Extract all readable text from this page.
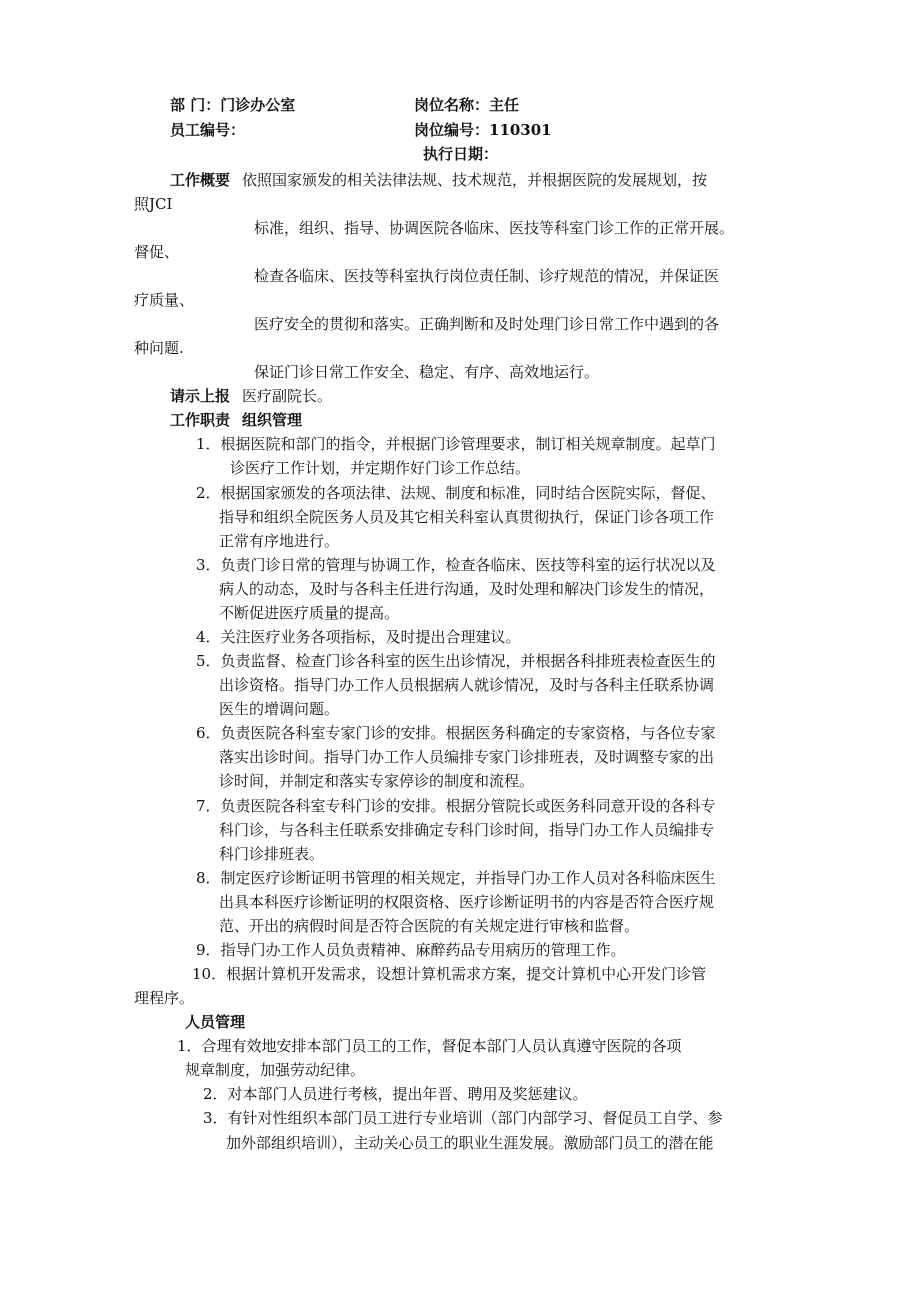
部 门：门诊办公室	岗位名称：主任
员工编号：	岗位编号：110301
执行日期：
工作概要 依照国家颁发的相关法律法规、技术规范，并根据医院的发展规划，按
照JCI
标准，组织、指导、协调医院各临床、医技等科室门诊工作的正常开展。
督促、
检查各临床、医技等科室执行岗位责任制、诊疗规范的情况，并保证医
疗质量、
医疗安全的贯彻和落实。正确判断和及时处理门诊日常工作中遇到的各
种问题.
保证门诊日常工作安全、稳定、有序、高效地运行。
请示上报 医疗副院长。
工作职责 组织管理
1．根据医院和部门的指令，并根据门诊管理要求，制订相关规章制度。起草门
诊医疗工作计划，并定期作好门诊工作总结。
2．根据国家颁发的各项法律、法规、制度和标准，同时结合医院实际，督促、
指导和组织全院医务人员及其它相关科室认真贯彻执行，保证门诊各项工作
正常有序地进行。
3．负责门诊日常的管理与协调工作，检查各临床、医技等科室的运行状况以及
病人的动态，及时与各科主任进行沟通，及时处理和解决门诊发生的情况，
不断促进医疗质量的提高。
4．关注医疗业务各项指标，及时提出合理建议。
5．负责监督、检查门诊各科室的医生出诊情况，并根据各科排班表检查医生的
出诊资格。指导门办工作人员根据病人就诊情况，及时与各科主任联系协调
医生的增调问题。
6．负责医院各科室专家门诊的安排。根据医务科确定的专家资格，与各位专家
落实出诊时间。指导门办工作人员编排专家门诊排班表，及时调整专家的出
诊时间，并制定和落实专家停诊的制度和流程。
7．负责医院各科室专科门诊的安排。根据分管院长或医务科同意开设的各科专
科门诊，与各科主任联系安排确定专科门诊时间，指导门办工作人员编排专
科门诊排班表。
8．制定医疗诊断证明书管理的相关规定，并指导门办工作人员对各科临床医生
出具本科医疗诊断证明的权限资格、医疗诊断证明书的内容是否符合医疗规
范、开出的病假时间是否符合医院的有关规定进行审核和监督。
9．指导门办工作人员负责精神、麻醉药品专用病历的管理工作。
10．根据计算机开发需求，设想计算机需求方案，提交计算机中心开发门诊管
理程序。
人员管理
1．合理有效地安排本部门员工的工作，督促本部门人员认真遵守医院的各项
规章制度，加强劳动纪律。
2．对本部门人员进行考核，提出年晋、聘用及奖惩建议。
3．有针对性组织本部门员工进行专业培训（部门内部学习、督促员工自学、参
加外部组织培训），主动关心员工的职业生涯发展。激励部门员工的潜在能
